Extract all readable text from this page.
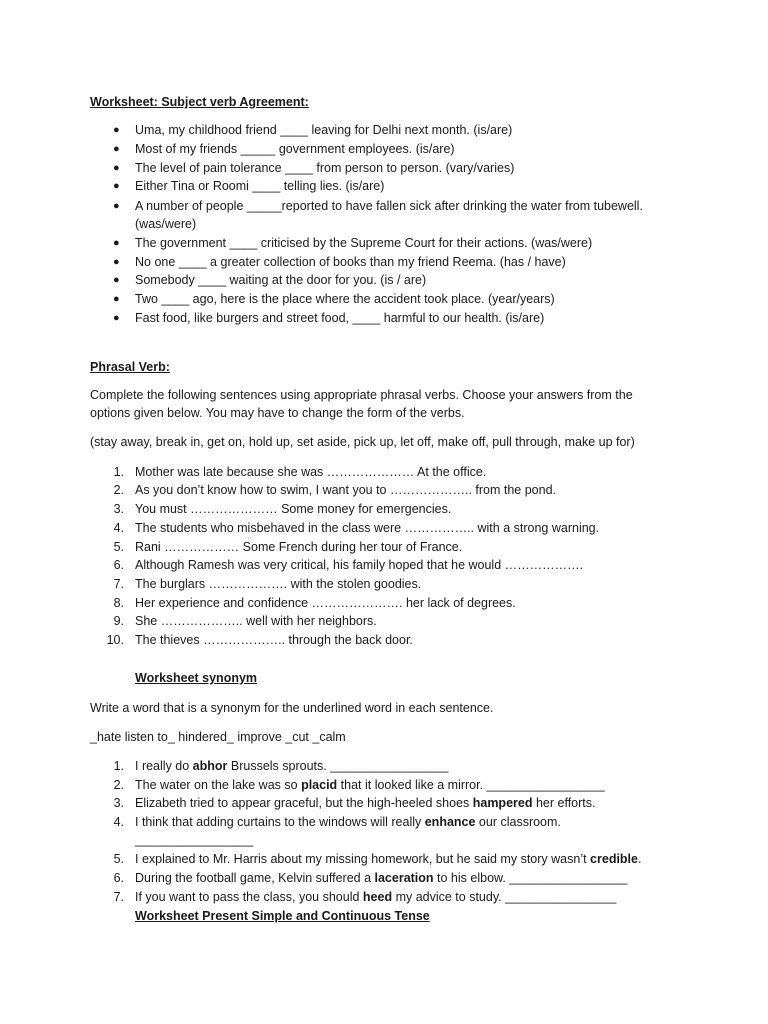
Worksheet: Subject verb Agreement:
● Uma, my childhood friend ____ leaving for Delhi next month. (is/are)
● Most of my friends _____ government employees. (is/are)
● The level of pain tolerance ____ from person to person. (vary/varies)
● Either Tina or Roomi ____ telling lies. (is/are)
● A number of people _____reported to have fallen sick after drinking the water from tubewell.
(was/were)
● The government ____ criticised by the Supreme Court for their actions. (was/were)
● No one ____ a greater collection of books than my friend Reema. (has / have)
● Somebody ____ waiting at the door for you. (is / are)
● Two ____ ago, here is the place where the accident took place. (year/years)
● Fast food, like burgers and street food, ____ harmful to our health. (is/are)
Phrasal Verb:
Complete the following sentences using appropriate phrasal verbs. Choose your answers from the
options given below. You may have to change the form of the verbs.
(stay away, break in, get on, hold up, set aside, pick up, let off, make off, pull through, make up for)
1. Mother was late because she was ………………… At the office.
2. As you don’t know how to swim, I want you to ……………….. from the pond.
3. You must ………………… Some money for emergencies.
4. The students who misbehaved in the class were …………….. with a strong warning.
5. Rani ……………… Some French during her tour of France.
6. Although Ramesh was very critical, his family hoped that he would ……………….
7. The burglars ………………. with the stolen goodies.
8. Her experience and confidence …………………. her lack of degrees.
9. She ……………….. well with her neighbors.
10. The thieves ……………….. through the back door.
Worksheet synonym
Write a word that is a synonym for the underlined word in each sentence.
_hate listen to_ hindered_ improve _cut _calm
1. I really do abhor Brussels sprouts. _________________
2. The water on the lake was so placid that it looked like a mirror. _________________
3. Elizabeth tried to appear graceful, but the high-heeled shoes hampered her efforts.
4. I think that adding curtains to the windows will really enhance our classroom.
_________________
5. I explained to Mr. Harris about my missing homework, but he said my story wasn’t credible.
6. During the football game, Kelvin suffered a laceration to his elbow. _________________
7. If you want to pass the class, you should heed my advice to study. ________________
Worksheet Present Simple and Continuous Tense
